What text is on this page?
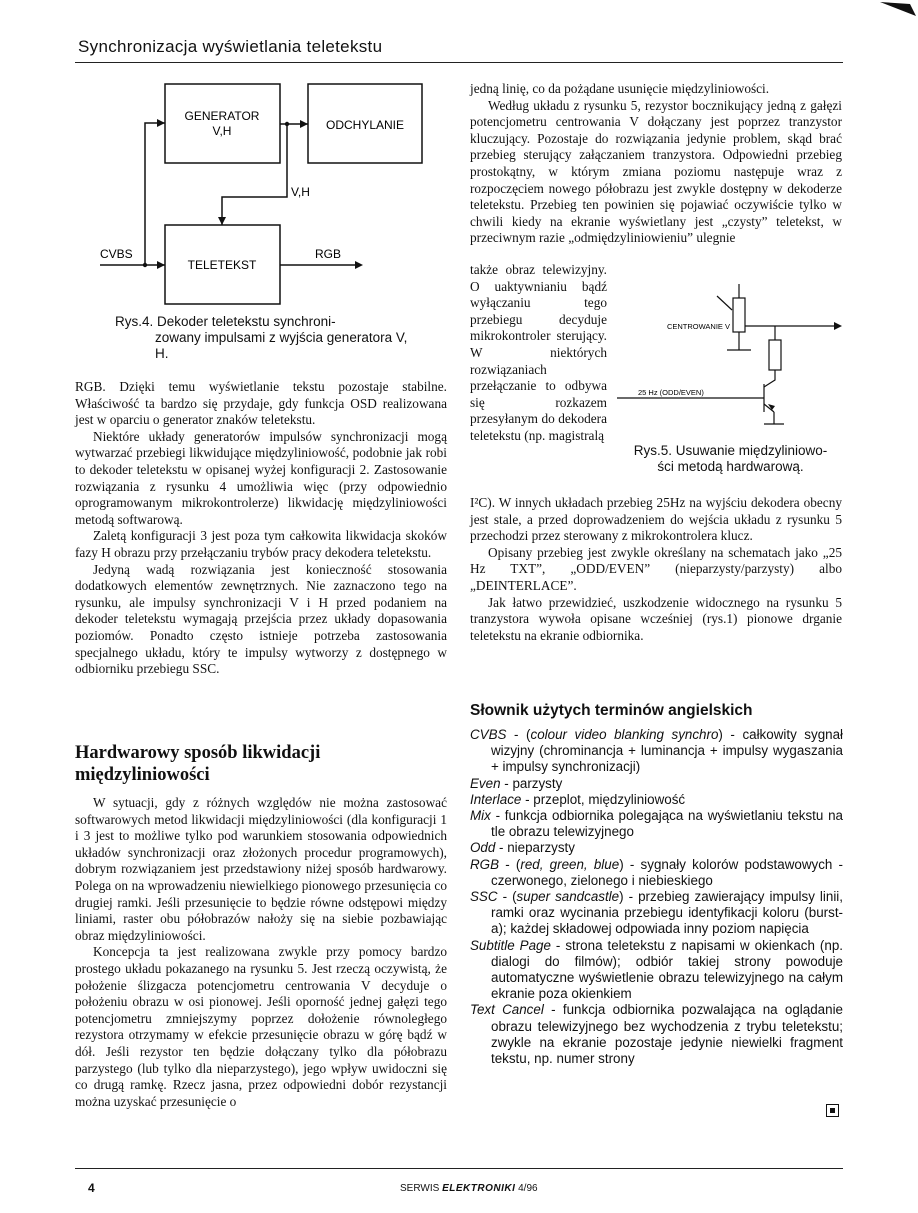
Synchronizacja wyświetlania teletekstu
GENERATOR
V,H	ODCHYLANIE
V,H
TELETEKST
CVBS	RGB
Rys.4. Dekoder teletekstu synchroni-
zowany impulsami z wyjścia generatora V, H.

RGB. Dzięki temu wyświetlanie tekstu pozostaje stabilne. Właściwość ta bardzo się przydaje, gdy funkcja OSD realizowana jest w oparciu o generator znaków teletekstu.

Niektóre układy generatorów impulsów synchronizacji mogą wytwarzać przebiegi likwidujące międzyliniowość, podobnie jak robi to dekoder teletekstu w opisanej wyżej konfiguracji 2. Zastosowanie rozwiązania z rysunku 4 umożliwia więc (przy odpowiednio oprogramowanym mikrokontrolerze) likwidację międzyliniowości metodą softwarową.

Zaletą konfiguracji 3 jest poza tym całkowita likwidacja skoków fazy H obrazu przy przełączaniu trybów pracy dekodera teletekstu.

Jedyną wadą rozwiązania jest konieczność stosowania dodatkowych elementów zewnętrznych. Nie zaznaczono tego na rysunku, ale impulsy synchronizacji V i H przed podaniem na dekoder teletekstu wymagają przejścia przez układy dopasowania poziomów. Ponadto często istnieje potrzeba zastosowania specjalnego układu, który te impulsy wytworzy z dostępnego w odbiorniku przebiegu SSC.

Hardwarowy sposób likwidacji międzyliniowości

W sytuacji, gdy z różnych względów nie można zastosować softwarowych metod likwidacji międzyliniowości (dla konfiguracji 1 i 3 jest to możliwe tylko pod warunkiem stosowania odpowiednich układów synchronizacji oraz złożonych procedur programowych), dobrym rozwiązaniem jest przedstawiony niżej sposób hardwarowy. Polega on na wprowadzeniu niewielkiego pionowego przesunięcia co drugiej ramki. Jeśli przesunięcie to będzie równe odstępowi między liniami, raster obu półobrazów nałoży się na siebie pozbawiając obraz międzyliniowości.

Koncepcja ta jest realizowana zwykle przy pomocy bardzo prostego układu pokazanego na rysunku 5. Jest rzeczą oczywistą, że położenie ślizgacza potencjometru centrowania V decyduje o położeniu obrazu w osi pionowej. Jeśli oporność jednej gałęzi tego potencjometru zmniejszymy poprzez dołożenie równoległego rezystora otrzymamy w efekcie przesunięcie obrazu w górę bądź w dół. Jeśli rezystor ten będzie dołączany tylko dla półobrazu parzystego (lub tylko dla nieparzystego), jego wpływ uwidoczni się co drugą ramkę. Rzecz jasna, przez odpowiedni dobór rezystancji można uzyskać przesunięcie o

jedną linię, co da pożądane usunięcie międzyliniowości.

Według układu z rysunku 5, rezystor bocznikujący jedną z gałęzi potencjometru centrowania V dołączany jest poprzez tranzystor kluczujący. Pozostaje do rozwiązania jedynie problem, skąd brać przebieg sterujący załączaniem tranzystora. Odpowiedni przebieg prostokątny, w którym zmiana poziomu następuje wraz z rozpoczęciem nowego półobrazu jest zwykle dostępny w dekoderze teletekstu. Przebieg ten powinien się pojawiać oczywiście tylko w chwili kiedy na ekranie wyświetlany jest „czysty” teletekst, w przeciwnym razie „odmiędzyliniowieniu” ulegnie

także obraz telewizyjny. O uaktywnianiu bądź wyłączaniu tego przebiegu decyduje mikrokontroler sterujący. W niektórych rozwiązaniach przełączanie to odbywa się rozkazem przesyłanym do dekodera teletekstu (np. magistralą

CENTROWANIE V
25 Hz (ODD/EVEN)
Rys.5. Usuwanie międzyliniowo-
ści metodą hardwarową.

I²C). W innych układach przebieg 25Hz na wyjściu dekodera obecny jest stale, a przed doprowadzeniem do wejścia układu z rysunku 5 przechodzi przez sterowany z mikrokontrolera klucz.

Opisany przebieg jest zwykle określany na schematach jako „25 Hz TXT”, „ODD/EVEN” (nieparzysty/parzysty) albo „DEINTERLACE”.

Jak łatwo przewidzieć, uszkodzenie widocznego na rysunku 5 tranzystora wywoła opisane wcześniej (rys.1) pionowe drganie teletekstu na ekranie odbiornika.

Słownik użytych terminów angielskich

CVBS - (colour video blanking synchro) - całkowity sygnał wizyjny (chrominancja + luminancja + impulsy wygaszania + impulsy synchronizacji)

Even - parzysty

Interlace - przeplot, międzyliniowość

Mix - funkcja odbiornika polegająca na wyświetlaniu tekstu na tle obrazu telewizyjnego

Odd - nieparzysty

RGB - (red, green, blue) - sygnały kolorów podstawowych - czerwonego, zielonego i niebieskiego

SSC - (super sandcastle) - przebieg zawierający impulsy linii, ramki oraz wycinania przebiegu identyfikacji koloru (burst-a); każdej składowej odpowiada inny poziom napięcia

Subtitle Page - strona teletekstu z napisami w okienkach (np. dialogi do filmów); odbiór takiej strony powoduje automatyczne wyświetlenie obrazu telewizyjnego na całym ekranie poza okienkiem

Text Cancel - funkcja odbiornika pozwalająca na oglądanie obrazu telewizyjnego bez wychodzenia z trybu teletekstu; zwykle na ekranie pozostaje jedynie niewielki fragment tekstu, np. numer strony

4	SERWIS ELEKTRONIKI 4/96
